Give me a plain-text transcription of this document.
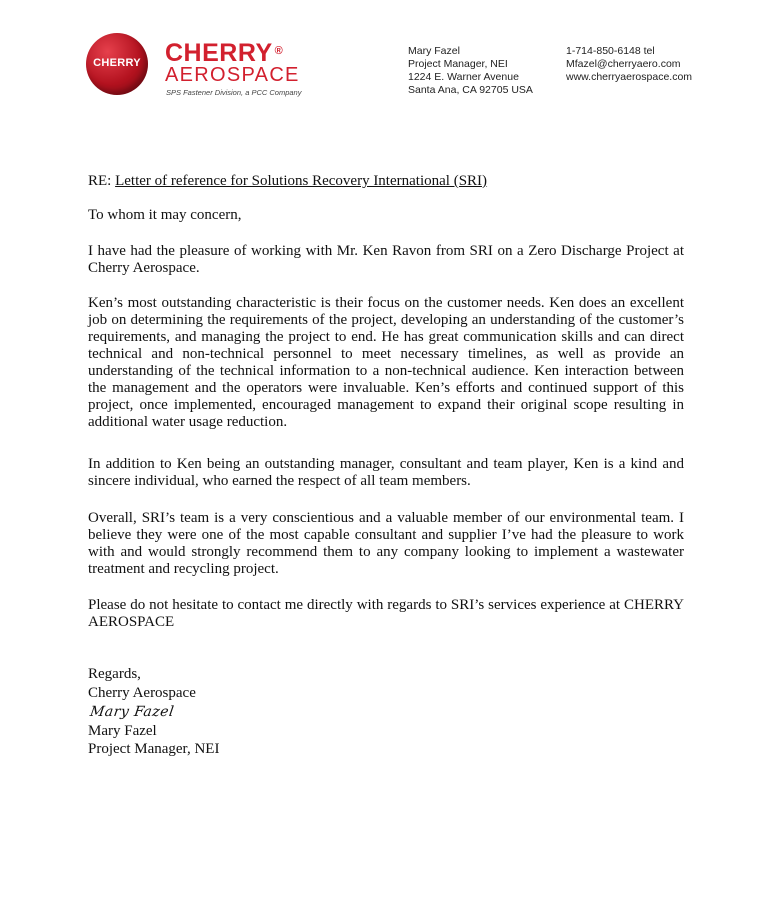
CHERRY CHERRY ®
AEROSPACE
SPS Fastener Division, a PCC Company
Mary Fazel
Project Manager, NEI
1224 E. Warner Avenue
Santa Ana, CA 92705 USA
1-714-850-6148 tel
Mfazel@cherryaero.com
www.cherryaerospace.com
RE: Letter of reference for Solutions Recovery International (SRI)
To whom it may concern,
I have had the pleasure of working with Mr. Ken Ravon from SRI on a Zero Discharge Project at Cherry Aerospace.
Ken’s most outstanding characteristic is their focus on the customer needs. Ken does an excellent job on determining the requirements of the project, developing an understanding of the customer’s requirements, and managing the project to end. He has great communication skills and can direct technical and non-technical personnel to meet necessary timelines, as well as provide an understanding of the technical information to a non-technical audience. Ken interaction between the management and the operators were invaluable. Ken’s efforts and continued support of this project, once implemented, encouraged management to expand their original scope resulting in additional water usage reduction.
In addition to Ken being an outstanding manager, consultant and team player, Ken is a kind and sincere individual, who earned the respect of all team members.
Overall, SRI’s team is a very conscientious and a valuable member of our environmental team. I believe they were one of the most capable consultant and supplier I’ve had the pleasure to work with and would strongly recommend them to any company looking to implement a wastewater treatment and recycling project.
Please do not hesitate to contact me directly with regards to SRI’s services experience at CHERRY AEROSPACE
Regards,
Cherry Aerospace
Mary Fazel
Mary Fazel
Project Manager, NEI
